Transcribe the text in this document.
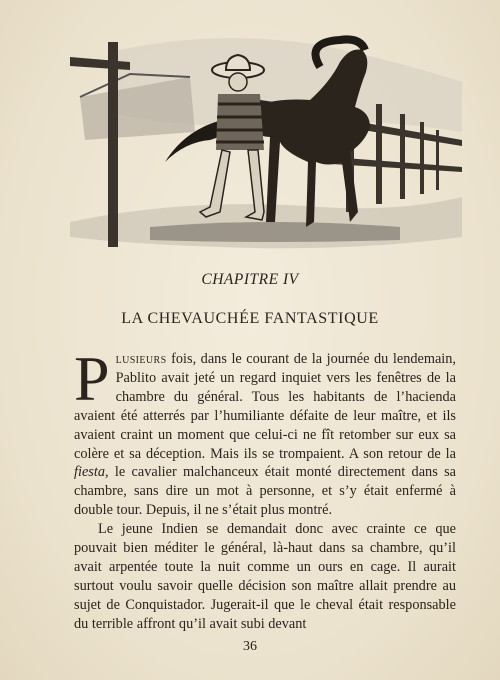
CHAPITRE IV
LA CHEVAUCHÉE FANTASTIQUE

Plusieurs fois, dans le courant de la journée du lendemain, Pablito avait jeté un regard inquiet vers les fenêtres de la chambre du général. Tous les habitants de l’hacienda avaient été atterrés par l’humiliante défaite de leur maître, et ils avaient craint un moment que celui-ci ne fît retomber sur eux sa colère et sa déception. Mais ils se trompaient. A son retour de la fiesta, le cavalier malchanceux était monté directement dans sa chambre, sans dire un mot à personne, et s’y était enfermé à double tour. Depuis, il ne s’était plus montré.

Le jeune Indien se demandait donc avec crainte ce que pouvait bien méditer le général, là-haut dans sa chambre, qu’il avait arpentée toute la nuit comme un ours en cage. Il aurait surtout voulu savoir quelle décision son maître allait prendre au sujet de Conquistador. Jugerait-il que le cheval était responsable du terrible affront qu’il avait subi devant

36
